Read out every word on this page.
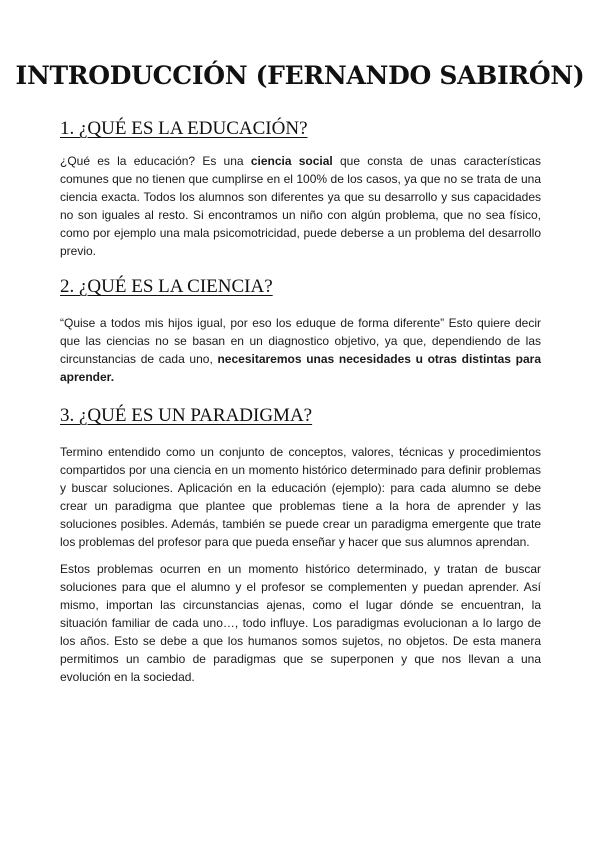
INTRODUCCIÓN (FERNANDO SABIRÓN)
1. ¿QUÉ ES LA EDUCACIÓN?

¿Qué es la educación? Es una ciencia social que consta de unas características comunes que no tienen que cumplirse en el 100% de los casos, ya que no se trata de una ciencia exacta. Todos los alumnos son diferentes ya que su desarrollo y sus capacidades no son iguales al resto. Si encontramos un niño con algún problema, que no sea físico, como por ejemplo una mala psicomotricidad, puede deberse a un problema del desarrollo previo.

2. ¿QUÉ ES LA CIENCIA?

“Quise a todos mis hijos igual, por eso los eduque de forma diferente” Esto quiere decir que las ciencias no se basan en un diagnostico objetivo, ya que, dependiendo de las circunstancias de cada uno, necesitaremos unas necesidades u otras distintas para aprender.

3. ¿QUÉ ES UN PARADIGMA?

Termino entendido como un conjunto de conceptos, valores, técnicas y procedimientos compartidos por una ciencia en un momento histórico determinado para definir problemas y buscar soluciones. Aplicación en la educación (ejemplo): para cada alumno se debe crear un paradigma que plantee que problemas tiene a la hora de aprender y las soluciones posibles. Además, también se puede crear un paradigma emergente que trate los problemas del profesor para que pueda enseñar y hacer que sus alumnos aprendan.

Estos problemas ocurren en un momento histórico determinado, y tratan de buscar soluciones para que el alumno y el profesor se complementen y puedan aprender. Así mismo, importan las circunstancias ajenas, como el lugar dónde se encuentran, la situación familiar de cada uno…, todo influye. Los paradigmas evolucionan a lo largo de los años. Esto se debe a que los humanos somos sujetos, no objetos. De esta manera permitimos un cambio de paradigmas que se superponen y que nos llevan a una evolución en la sociedad.
